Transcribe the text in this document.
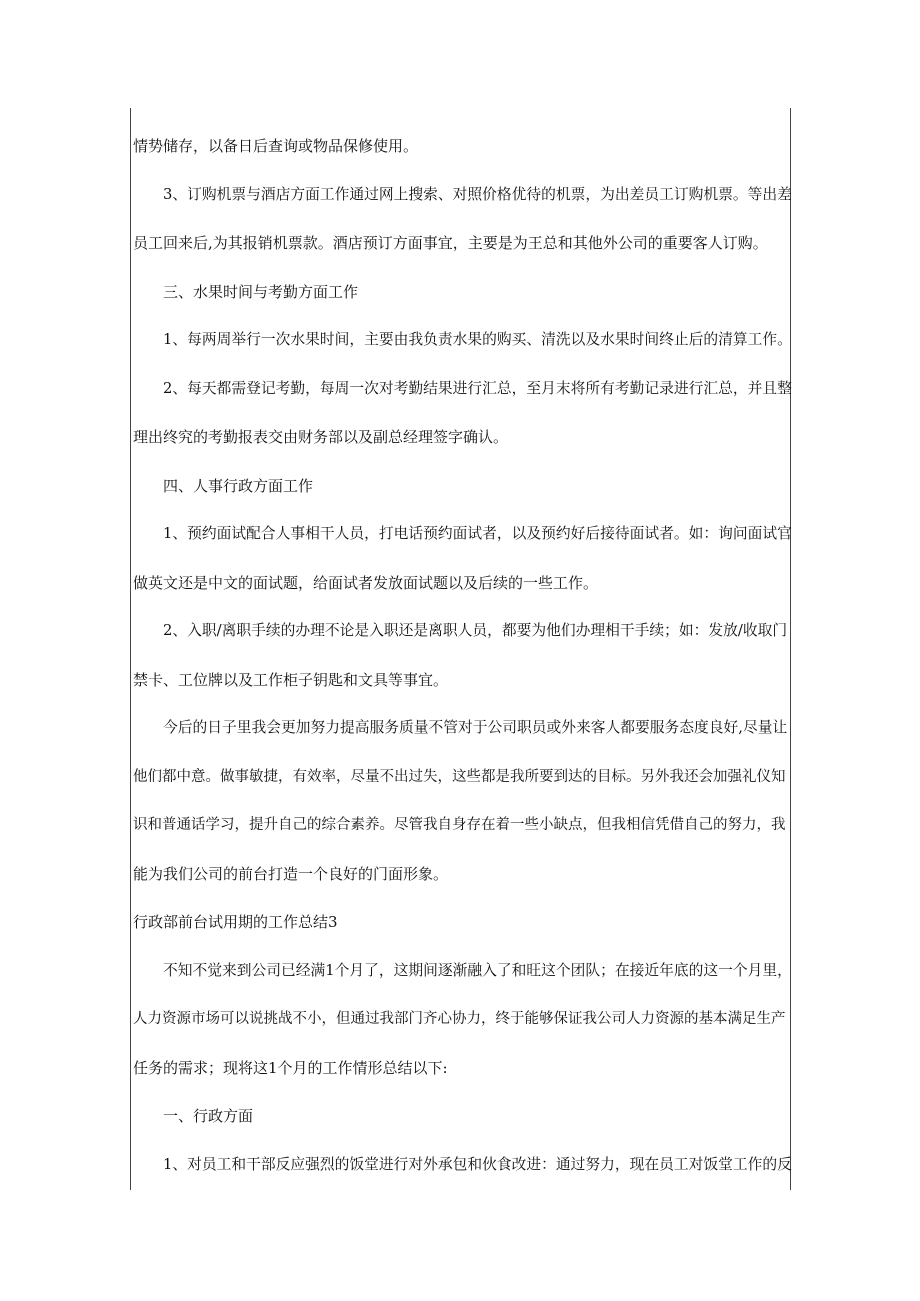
情势储存，以备日后查询或物品保修使用。
3、订购机票与酒店方面工作通过网上搜索、对照价格优待的机票，为出差员工订购机票。等出差
员工回来后,为其报销机票款。酒店预订方面事宜，主要是为王总和其他外公司的重要客人订购。
三、水果时间与考勤方面工作
1、每两周举行一次水果时间，主要由我负责水果的购买、清洗以及水果时间终止后的清算工作。
2、每天都需登记考勤，每周一次对考勤结果进行汇总，至月末将所有考勤记录进行汇总，并且整
理出终究的考勤报表交由财务部以及副总经理签字确认。
四、人事行政方面工作
1、预约面试配合人事相干人员，打电话预约面试者，以及预约好后接待面试者。如：询问面试官
做英文还是中文的面试题，给面试者发放面试题以及后续的一些工作。
2、入职/离职手续的办理不论是入职还是离职人员，都要为他们办理相干手续；如：发放/收取门
禁卡、工位牌以及工作柜子钥匙和文具等事宜。
今后的日子里我会更加努力提高服务质量不管对于公司职员或外来客人都要服务态度良好,尽量让
他们都中意。做事敏捷，有效率，尽量不出过失，这些都是我所要到达的目标。另外我还会加强礼仪知
识和普通话学习，提升自己的综合素养。尽管我自身存在着一些小缺点，但我相信凭借自己的努力，我
能为我们公司的前台打造一个良好的门面形象。
行政部前台试用期的工作总结3
不知不觉来到公司已经满1个月了，这期间逐渐融入了和旺这个团队；在接近年底的这一个月里，
人力资源市场可以说挑战不小，但通过我部门齐心协力，终于能够保证我公司人力资源的基本满足生产
任务的需求；现将这1个月的工作情形总结以下:
一、行政方面
1、对员工和干部反应强烈的饭堂进行对外承包和伙食改进：通过努力，现在员工对饭堂工作的反
